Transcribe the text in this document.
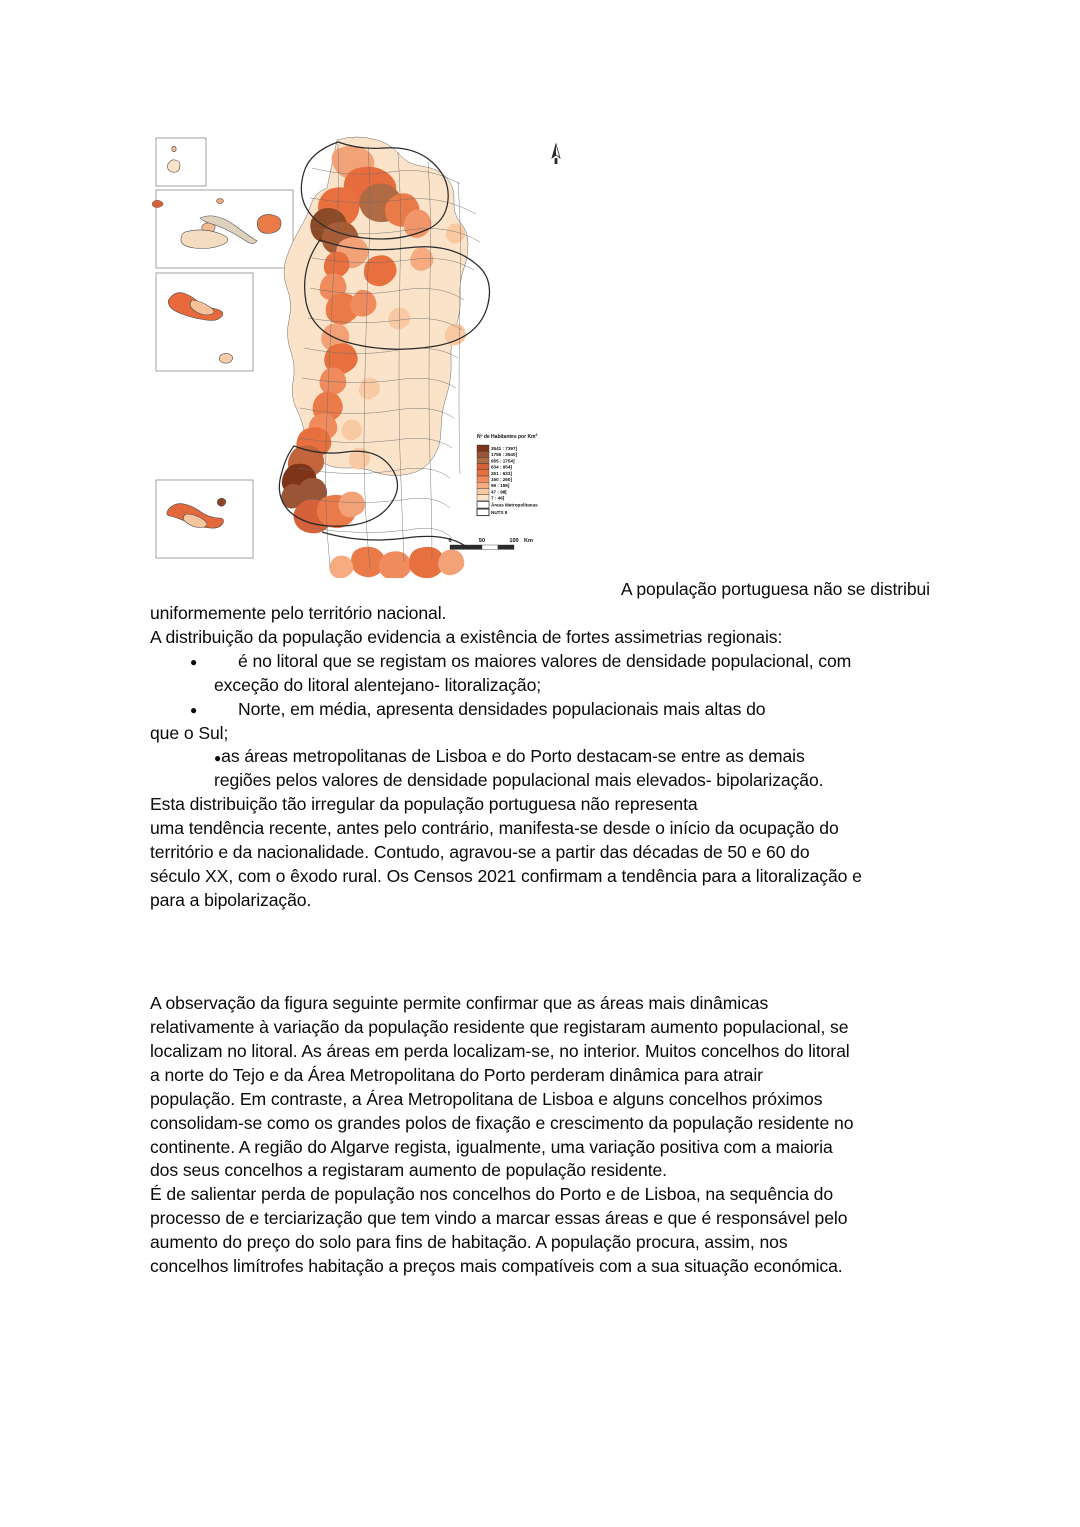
Nº de Habitantes por Km$^2$
3541 : 7397]
1755 : 3540]
955 : 1754]
634 : 954]
261 : 633]
160 : 260]
99 : 159]
47 : 98[
7 : 46[
Áreas Metropolitanas
NUTS II
0	50	100 Km
A população portuguesa não se distribui
uniformemente pelo território nacional.
A distribuição da população evidencia a existência de fortes assimetrias regionais:
●é no litoral que se registam os maiores valores de densidade populacional, com
exceção do litoral alentejano- litoralização;
●Norte, em média, apresenta densidades populacionais mais altas do
que o Sul;
● as áreas metropolitanas de Lisboa e do Porto destacam-se entre as demais
regiões pelos valores de densidade populacional mais elevados- bipolarização.
Esta distribuição tão irregular da população portuguesa não representa
uma tendência recente, antes pelo contrário, manifesta-se desde o início da ocupação do
território e da nacionalidade. Contudo, agravou-se a partir das décadas de 50 e 60 do
século XX, com o êxodo rural. Os Censos 2021 confirmam a tendência para a litoralização e
para a bipolarização.
A observação da figura seguinte permite confirmar que as áreas mais dinâmicas
relativamente à variação da população residente que registaram aumento populacional, se
localizam no litoral. As áreas em perda localizam-se, no interior. Muitos concelhos do litoral
a norte do Tejo e da Área Metropolitana do Porto perderam dinâmica para atrair
população. Em contraste, a Área Metropolitana de Lisboa e alguns concelhos próximos
consolidam-se como os grandes polos de fixação e crescimento da população residente no
continente. A região do Algarve regista, igualmente, uma variação positiva com a maioria
dos seus concelhos a registaram aumento de população residente.
É de salientar perda de população nos concelhos do Porto e de Lisboa, na sequência do
processo de e terciarização que tem vindo a marcar essas áreas e que é responsável pelo
aumento do preço do solo para fins de habitação. A população procura, assim, nos
concelhos limítrofes habitação a preços mais compatíveis com a sua situação económica.
